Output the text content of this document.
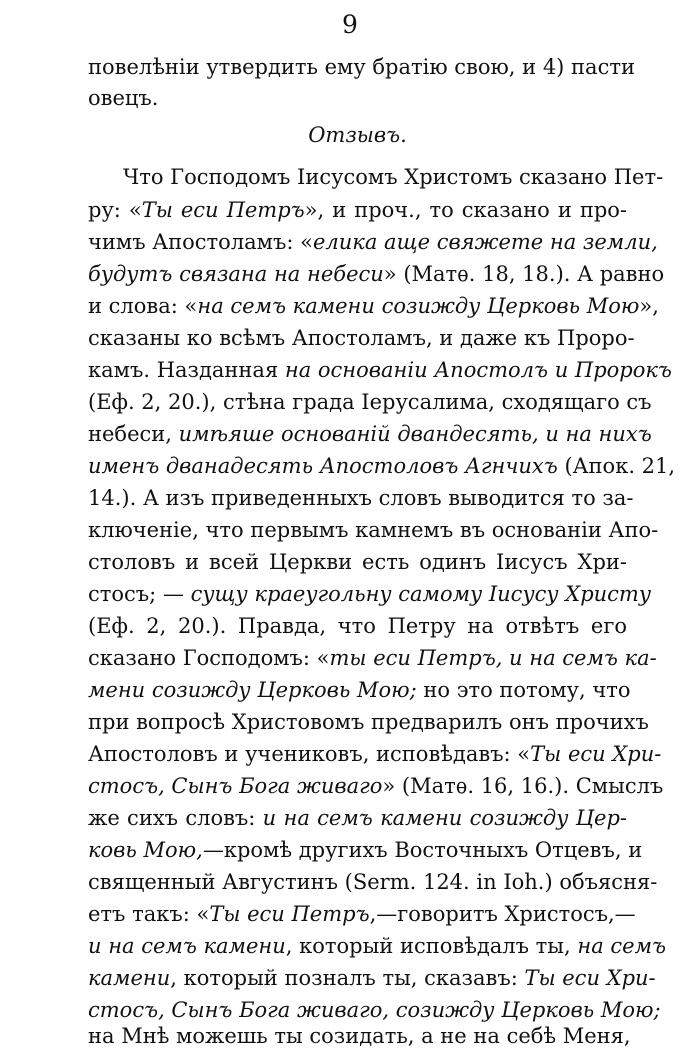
9
повелѣніи утвердить ему братію свою, и 4) пасти
овецъ.
Отзывъ.
Что Господомъ Іисусомъ Христомъ сказано Пет-
ру: «Ты еси Петръ», и проч., то сказано и про-
чимъ Апостоламъ: «елика аще свяжете на земли,
будутъ связана на небеси» (Матѳ. 18, 18.). А равно
и слова: «на семъ камени созижду Церковь Мою»,
сказаны ко всѣмъ Апостоламъ, и даже къ Проро-
камъ. Назданная на основаніи Апостолъ и Пророкъ
(Еф. 2, 20.), стѣна града Іерусалима, сходящаго съ
небеси, имѣяше основаній двандесять, и на нихъ
именъ дванадесять Апостоловъ Агнчихъ (Апок. 21,
14.). А изъ приведенныхъ словъ выводится то за-
ключеніе, что первымъ камнемъ въ основаніи Апо-
столовъ и всей Церкви есть одинъ Іисусъ Хри-
стосъ; — сущу краеугольну самому Іисусу Христу
(Еф. 2, 20.). Правда, что Петру на отвѣтъ его
сказано Господомъ: «ты еси Петръ, и на семъ ка-
мени созижду Церковь Мою; но это потому, что
при вопросѣ Христовомъ предварилъ онъ прочихъ
Апостоловъ и учениковъ, исповѣдавъ: «Ты еси Хри-
стосъ, Сынъ Бога живаго» (Матѳ. 16, 16.). Смыслъ
же сихъ словъ: и на семъ камени созижду Цер-
ковь Мою,—кромѣ другихъ Восточныхъ Отцевъ, и
священный Августинъ (Serm. 124. in Ioh.) объясня-
етъ такъ: «Ты еси Петръ,—говоритъ Христосъ,—
и на семъ камени, который исповѣдалъ ты, на семъ
камени, который позналъ ты, сказавъ: Ты еси Хри-
стосъ, Сынъ Бога живаго, созижду Церковь Мою;
на Мнѣ можешь ты созидать, а не на себѣ Меня,
